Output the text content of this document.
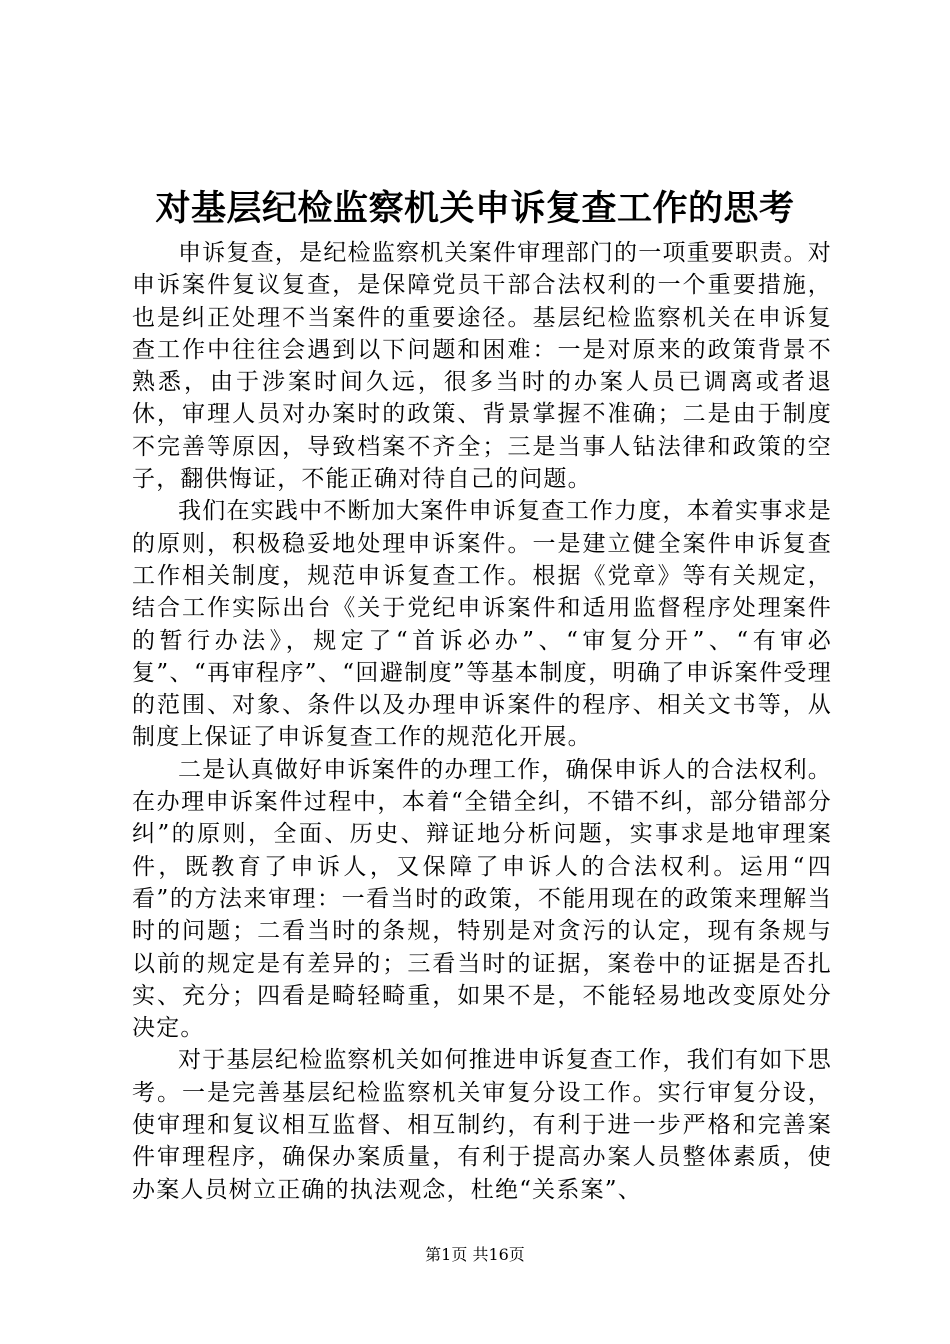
对基层纪检监察机关申诉复查工作的思考

申诉复查，是纪检监察机关案件审理部门的一项重要职责。对申诉案件复议复查，是保障党员干部合法权利的一个重要措施，也是纠正处理不当案件的重要途径。基层纪检监察机关在申诉复查工作中往往会遇到以下问题和困难：一是对原来的政策背景不熟悉，由于涉案时间久远，很多当时的办案人员已调离或者退休，审理人员对办案时的政策、背景掌握不准确；二是由于制度不完善等原因，导致档案不齐全；三是当事人钻法律和政策的空子，翻供悔证，不能正确对待自己的问题。

我们在实践中不断加大案件申诉复查工作力度，本着实事求是的原则，积极稳妥地处理申诉案件。一是建立健全案件申诉复查工作相关制度，规范申诉复查工作。根据《党章》等有关规定，结合工作实际出台《关于党纪申诉案件和适用监督程序处理案件的暂行办法》，规定了“首诉必办”、“审复分开”、“有审必复”、“再审程序”、“回避制度”等基本制度，明确了申诉案件受理的范围、对象、条件以及办理申诉案件的程序、相关文书等，从制度上保证了申诉复查工作的规范化开展。

二是认真做好申诉案件的办理工作，确保申诉人的合法权利。在办理申诉案件过程中，本着“全错全纠，不错不纠，部分错部分纠”的原则，全面、历史、辩证地分析问题，实事求是地审理案件，既教育了申诉人，又保障了申诉人的合法权利。运用“四看”的方法来审理：一看当时的政策，不能用现在的政策来理解当时的问题；二看当时的条规，特别是对贪污的认定，现有条规与以前的规定是有差异的；三看当时的证据，案卷中的证据是否扎实、充分；四看是畸轻畸重，如果不是，不能轻易地改变原处分决定。

对于基层纪检监察机关如何推进申诉复查工作，我们有如下思考。一是完善基层纪检监察机关审复分设工作。实行审复分设，使审理和复议相互监督、相互制约，有利于进一步严格和完善案件审理程序，确保办案质量，有利于提高办案人员整体素质，使办案人员树立正确的执法观念，杜绝“关系案”、

第1页 共16页
